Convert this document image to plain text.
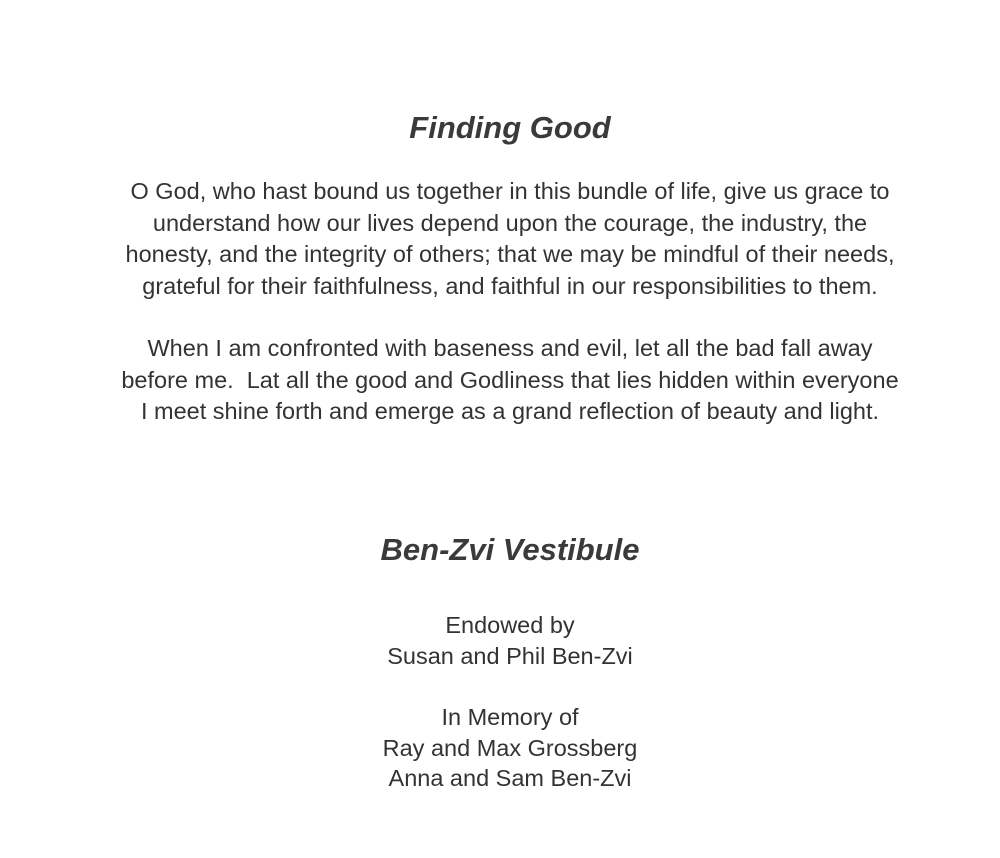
Finding Good

O God, who hast bound us together in this bundle of life, give us grace to
understand how our lives depend upon the courage, the industry, the
honesty, and the integrity of others; that we may be mindful of their needs,
grateful for their faithfulness, and faithful in our responsibilities to them.

When I am confronted with baseness and evil, let all the bad fall away
before me.  Lat all the good and Godliness that lies hidden within everyone
I meet shine forth and emerge as a grand reflection of beauty and light.

Ben-Zvi Vestibule
Endowed by
Susan and Phil Ben-Zvi
In Memory of
Ray and Max Grossberg
Anna and Sam Ben-Zvi
